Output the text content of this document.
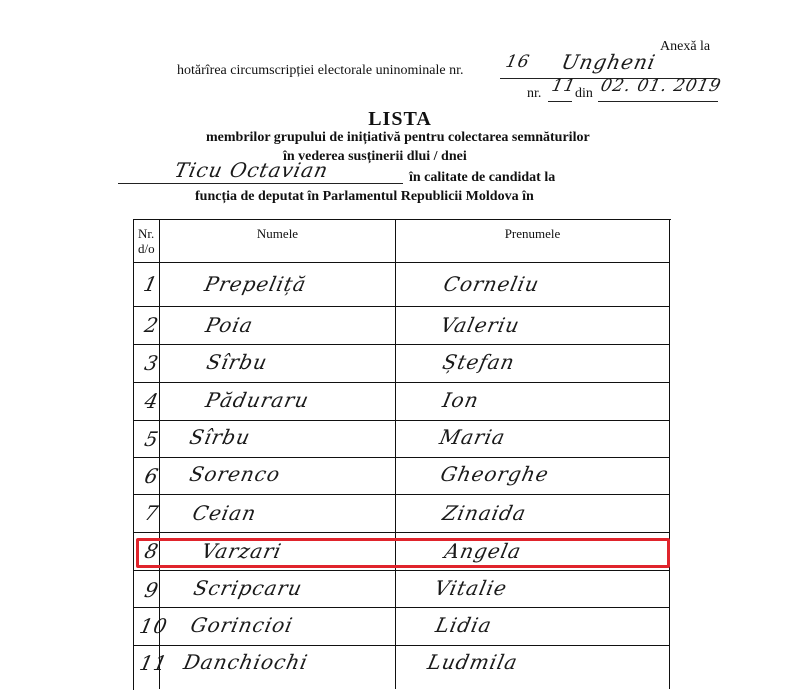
Anexă la
hotărîrea circumscripției electorale uninominale nr. 16 Ungheni
nr. 11
din 02. 01. 2019
LISTA
membrilor grupului de inițiativă pentru colectarea semnăturilor
în vederea susținerii dlui / dnei
Ticu Octavian	în calitate de candidat la
funcția de deputat în Parlamentul Republicii Moldova în
Nr. d/o
Numele	Prenumele
1 Prepeliță	Corneliu
2 Poia	Valeriu
3 Sîrbu	Ștefan
4 Păduraru	Ion
5 Sîrbu	Maria
6 Sorenco	Gheorghe
7 Ceian	Zinaida
8 Varzari	Angela
9 Scripcaru	Vitalie
10 Gorincioi	Lidia
11 Danchiochi	Ludmila
